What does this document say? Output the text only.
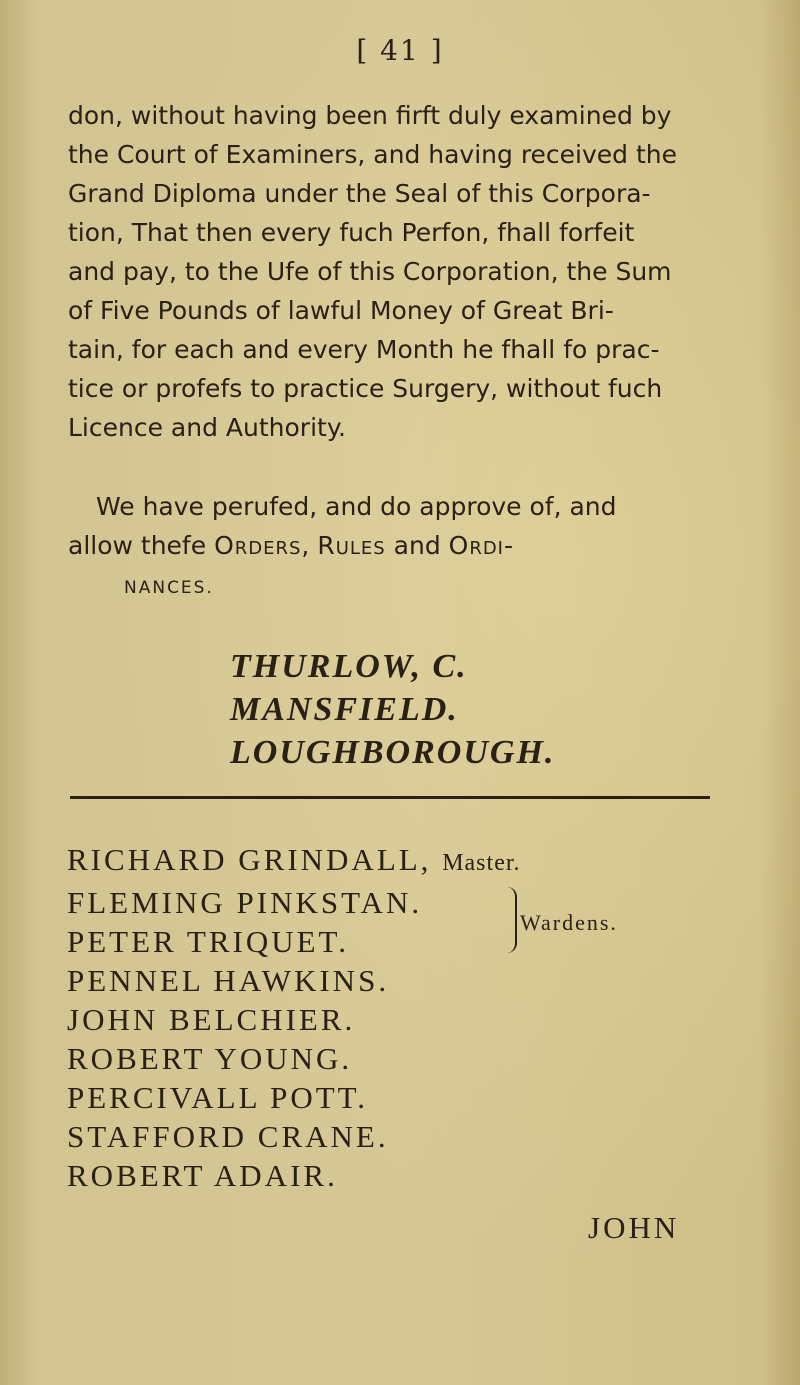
[ 41 ]
don, without having been firft duly examined by
the Court of Examiners, and having received the
Grand Diploma under the Seal of this Corpora-
tion, That then every fuch Perfon, fhall forfeit
and pay, to the Ufe of this Corporation, the Sum
of Five Pounds of lawful Money of Great Bri-
tain, for each and every Month he fhall fo prac-
tice or profefs to practice Surgery, without fuch
Licence and Authority.
We have perufed, and do approve of, and
allow thefe Orders, Rules and Ordi-
NANCES.
THURLOW, C.
MANSFIELD.
LOUGHBOROUGH.
RICHARD GRINDALL, Master.
FLEMING PINKSTAN.
PETER TRIQUET.
Wardens.
PENNEL HAWKINS.
JOHN BELCHIER.
ROBERT YOUNG.
PERCIVALL POTT.
STAFFORD CRANE.
ROBERT ADAIR.
JOHN
